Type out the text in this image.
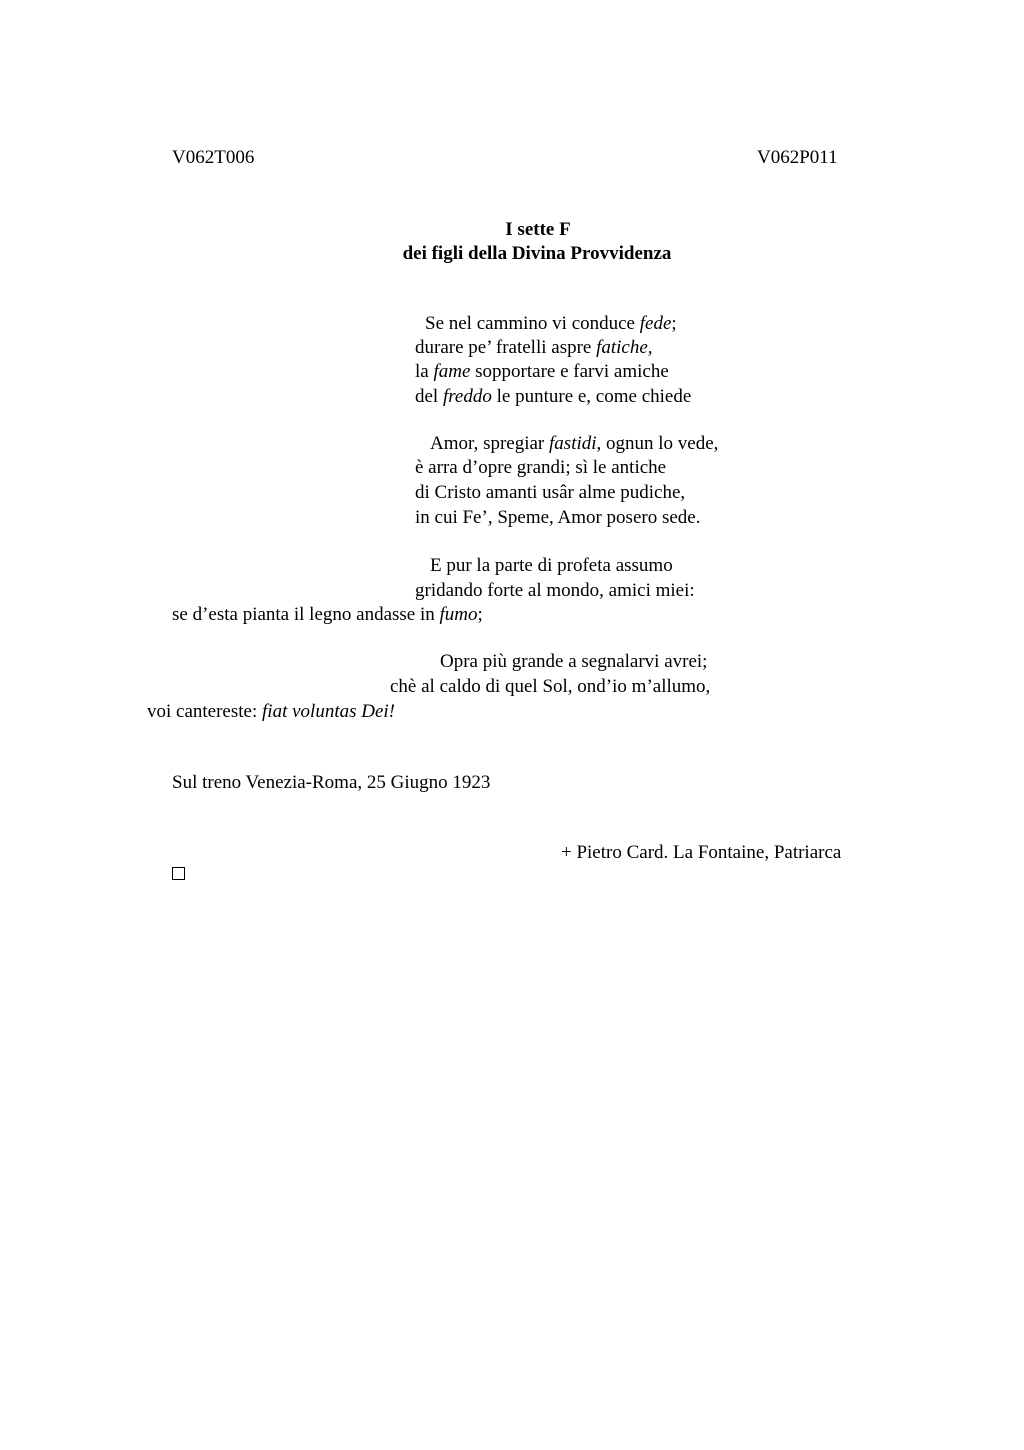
V062T006	V062P011
I sette F
dei figli della Divina Provvidenza
Se nel cammino vi conduce fede;
durare pe’ fratelli aspre fatiche,
la fame sopportare e farvi amiche
del freddo le punture e, come chiede
Amor, spregiar fastidi, ognun lo vede,
è arra d’opre grandi; sì le antiche
di Cristo amanti usâr alme pudiche,
in cui Fe’, Speme, Amor posero sede.
E pur la parte di profeta assumo
gridando forte al mondo, amici miei:
se d’esta pianta il legno andasse in fumo;
Opra più grande a segnalarvi avrei;
chè al caldo di quel Sol, ond’io m’allumo,
voi cantereste: fiat voluntas Dei!
Sul treno Venezia-Roma, 25 Giugno 1923
+ Pietro Card. La Fontaine, Patriarca
